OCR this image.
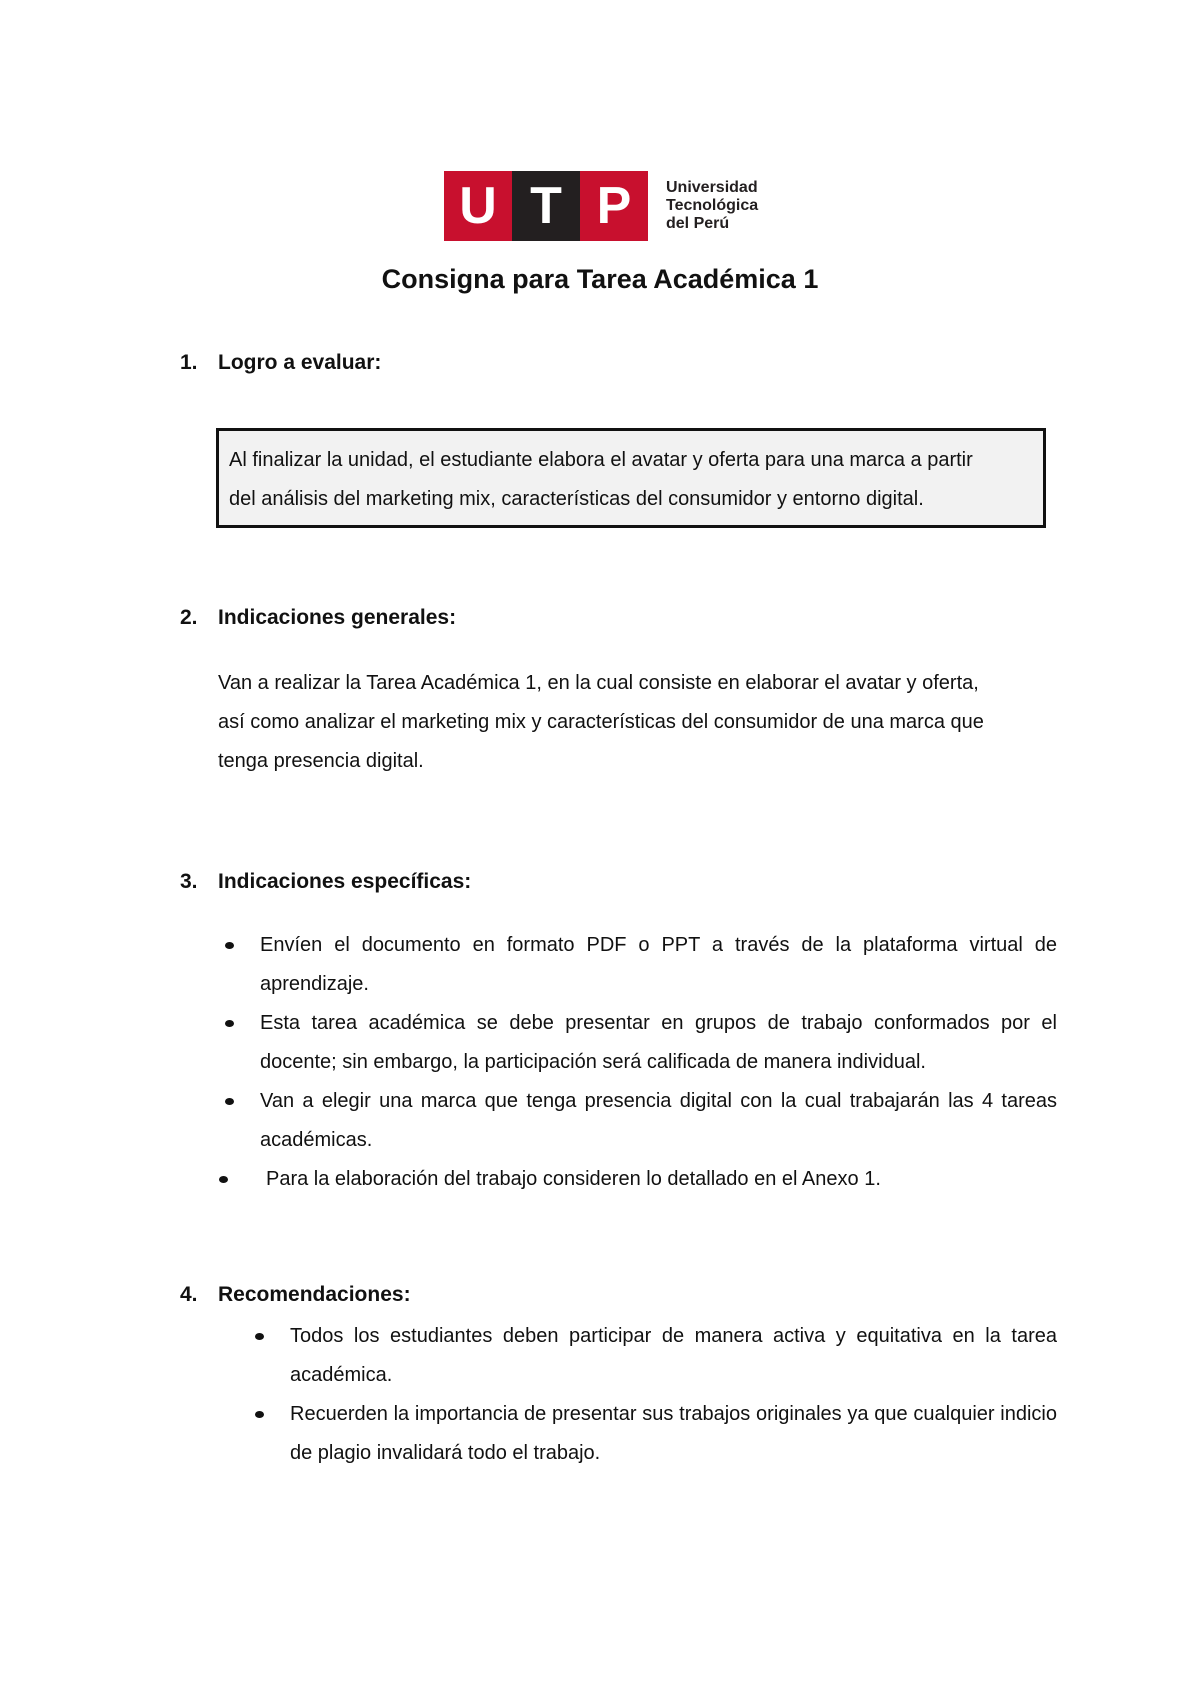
U T P	Universidad
Tecnológica
del Perú
Consigna para Tarea Académica 1
1. Logro a evaluar:
Al finalizar la unidad, el estudiante elabora el avatar y oferta para una marca a partir
del análisis del marketing mix, características del consumidor y entorno digital.
2. Indicaciones generales:

Van a realizar la Tarea Académica 1, en la cual consiste en elaborar el avatar y oferta,

así como analizar el marketing mix y características del consumidor de una marca que

tenga presencia digital.

3. Indicaciones específicas:
Envíen el documento en formato PDF o PPT a través de la plataforma virtual de aprendizaje.
Esta tarea académica se debe presentar en grupos de trabajo conformados por el docente; sin embargo, la participación será calificada de manera individual.
Van a elegir una marca que tenga presencia digital con la cual trabajarán las 4 tareas académicas.
Para la elaboración del trabajo consideren lo detallado en el Anexo 1.
4. Recomendaciones:
Todos los estudiantes deben participar de manera activa y equitativa en la tarea académica.
Recuerden la importancia de presentar sus trabajos originales ya que cualquier indicio de plagio invalidará todo el trabajo.
